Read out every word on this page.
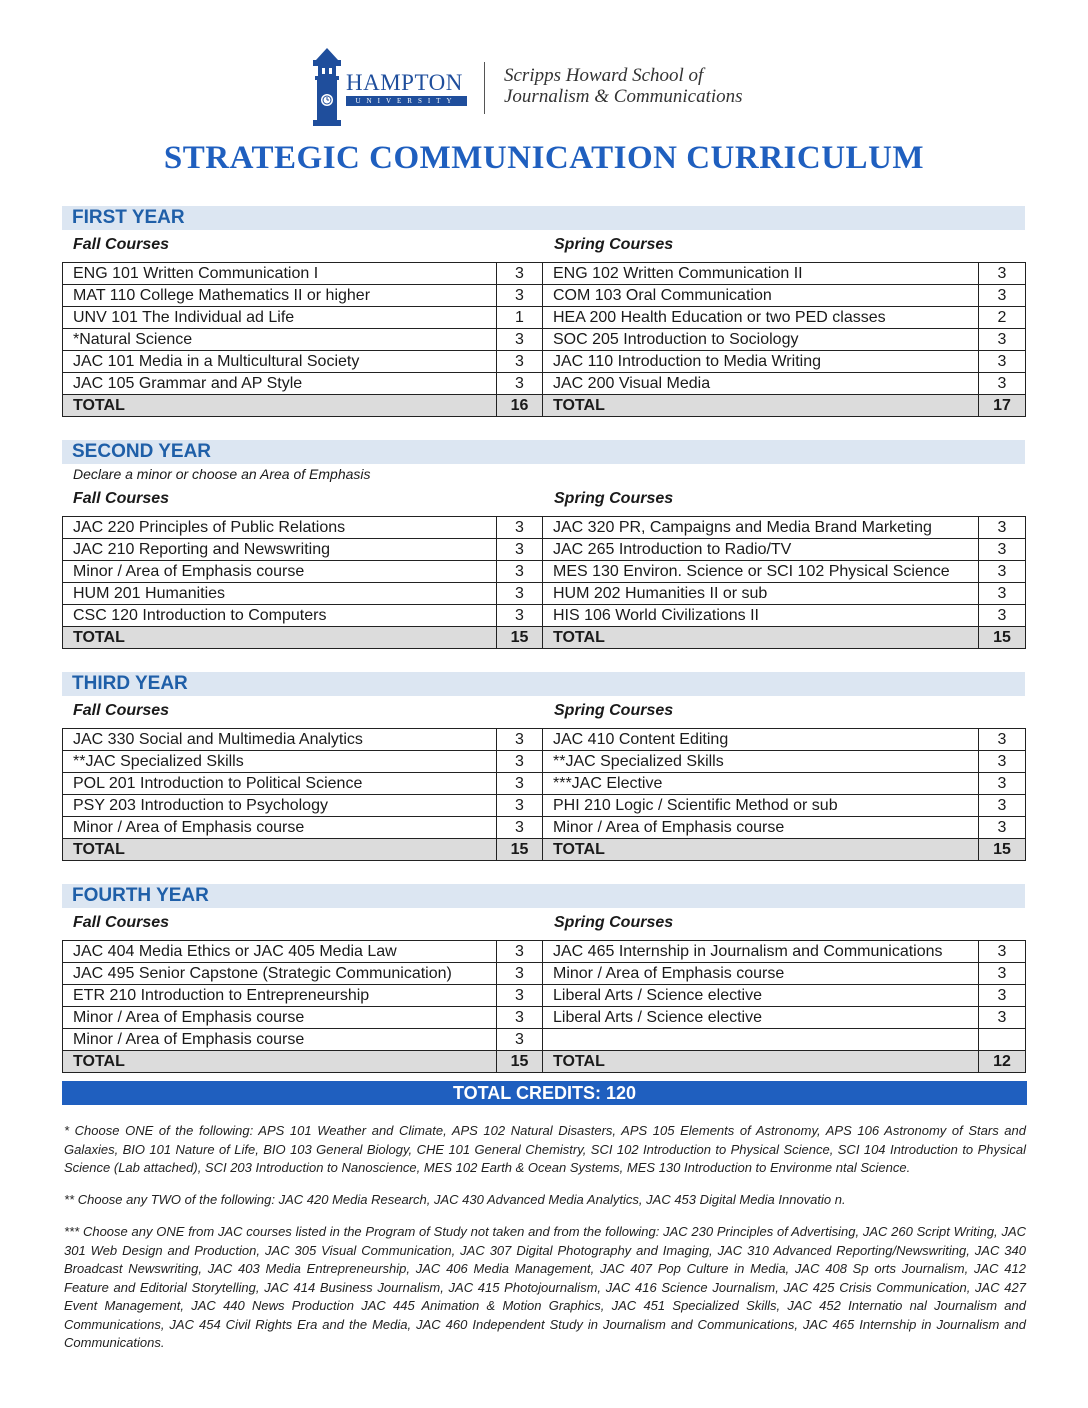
HAMPTON
UNIVERSITY
Scripps Howard School of
Journalism & Communications
STRATEGIC COMMUNICATION CURRICULUM
FIRST YEAR
Fall Courses	Spring Courses
ENG 101 Written Communication I	3	ENG 102 Written Communication II	3
MAT 110 College Mathematics II or higher	3	COM 103 Oral Communication	3
UNV 101 The Individual ad Life	1	HEA 200 Health Education or two PED classes	2
*Natural Science	3	SOC 205 Introduction to Sociology	3
JAC 101 Media in a Multicultural Society	3	JAC 110 Introduction to Media Writing	3
JAC 105 Grammar and AP Style	3	JAC 200 Visual Media	3
TOTAL	16	TOTAL	17
SECOND YEAR
Declare a minor or choose an Area of Emphasis
Fall Courses	Spring Courses
JAC 220 Principles of Public Relations	3	JAC 320 PR, Campaigns and Media Brand Marketing	3
JAC 210 Reporting and Newswriting	3	JAC 265 Introduction to Radio/TV	3
Minor / Area of Emphasis course	3	MES 130 Environ. Science or SCI 102 Physical Science	3
HUM 201 Humanities	3	HUM 202 Humanities II or sub	3
CSC 120 Introduction to Computers	3	HIS 106 World Civilizations II	3
TOTAL	15	TOTAL	15
THIRD YEAR
Fall Courses	Spring Courses
JAC 330 Social and Multimedia Analytics	3	JAC 410 Content Editing	3
**JAC Specialized Skills	3	**JAC Specialized Skills	3
POL 201 Introduction to Political Science	3	***JAC Elective	3
PSY 203 Introduction to Psychology	3	PHI 210 Logic / Scientific Method or sub	3
Minor / Area of Emphasis course	3	Minor / Area of Emphasis course	3
TOTAL	15	TOTAL	15
FOURTH YEAR
Fall Courses	Spring Courses
JAC 404 Media Ethics or JAC 405 Media Law	3	JAC 465 Internship in Journalism and Communications	3
JAC 495 Senior Capstone (Strategic Communication)	3	Minor / Area of Emphasis course	3
ETR 210 Introduction to Entrepreneurship	3	Liberal Arts / Science elective	3
Minor / Area of Emphasis course	3	Liberal Arts / Science elective	3
Minor / Area of Emphasis course	3		
TOTAL	15	TOTAL	12
TOTAL CREDITS: 120
* Choose ONE of the following: APS 101 Weather and Climate, APS 102 Natural Disasters, APS 105 Elements of Astronomy, APS 106 Astronomy of Stars and Galaxies, BIO 101 Nature of Life, BIO 103 General Biology, CHE 101 General Chemistry, SCI 102 Introduction to Physical Science, SCI 104 Introduction to Physical Science (Lab attached), SCI 203 Introduction to Nanoscience, MES 102 Earth & Ocean Systems, MES 130 Introduction to Environme ntal Science.
** Choose any TWO of the following: JAC 420 Media Research, JAC 430 Advanced Media Analytics, JAC 453 Digital Media Innovatio n.
*** Choose any ONE from JAC courses listed in the Program of Study not taken and from the following: JAC 230 Principles of Advertising, JAC 260 Script Writing, JAC 301 Web Design and Production, JAC 305 Visual Communication, JAC 307 Digital Photography and Imaging, JAC 310 Advanced Reporting/Newswriting, JAC 340 Broadcast Newswriting, JAC 403 Media Entrepreneurship, JAC 406 Media Management, JAC 407 Pop Culture in Media, JAC 408 Sp orts Journalism, JAC 412 Feature and Editorial Storytelling, JAC 414 Business Journalism, JAC 415 Photojournalism, JAC 416 Science Journalism, JAC 425 Crisis Communication, JAC 427 Event Management, JAC 440 News Production JAC 445 Animation & Motion Graphics, JAC 451 Specialized Skills, JAC 452 Internatio nal Journalism and Communications, JAC 454 Civil Rights Era and the Media, JAC 460 Independent Study in Journalism and Communications, JAC 465 Internship in Journalism and Communications.
